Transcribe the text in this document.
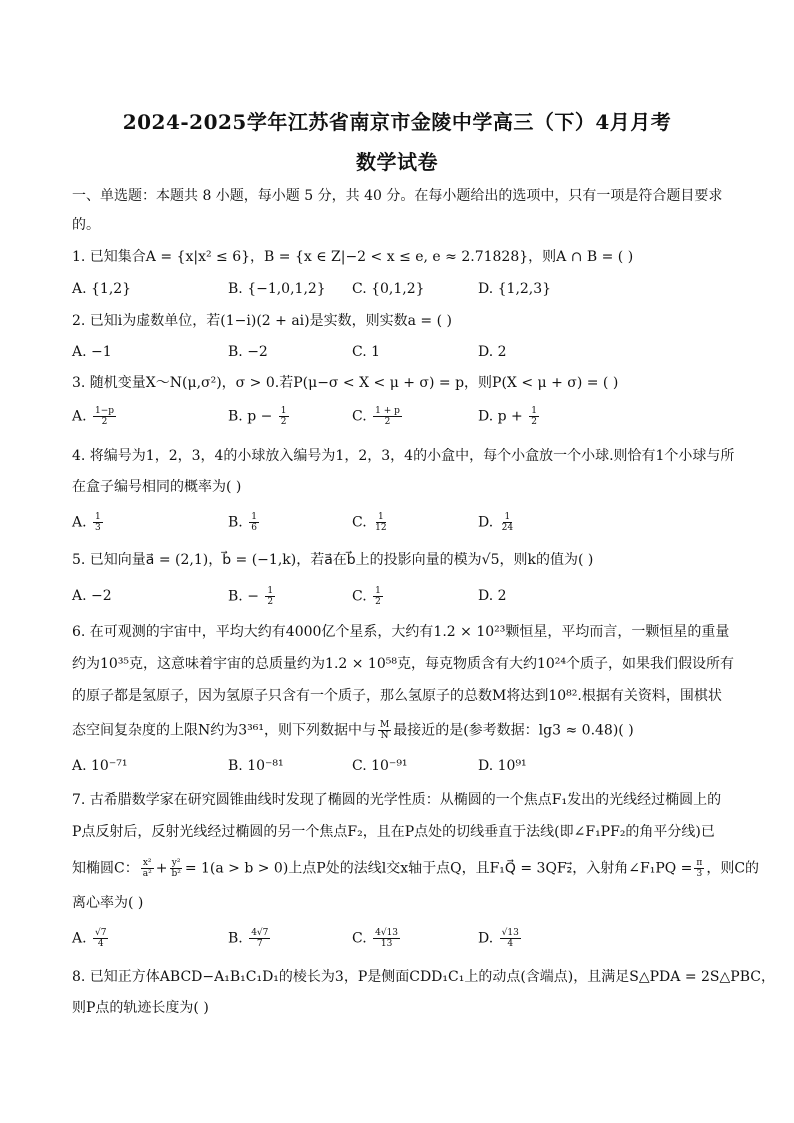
2024-2025学年江苏省南京市金陵中学高三（下）4月月考
数学试卷
一、单选题：本题共 8 小题，每小题 5 分，共 40 分。在每小题给出的选项中，只有一项是符合题目要求
的。
1. 已知集合A = {x|x² ≤ 6}，B = {x ∈ Z|−2 < x ≤ e, e ≈ 2.71828}，则A ∩ B = ( )
A. {1,2}	B. {−1,0,1,2} C. {0,1,2}	D. {1,2,3}
2. 已知i为虚数单位，若(1−i)(2 + ai)是实数，则实数a = ( )
A. −1	B. −2	C. 1	D. 2
3. 随机变量X～N(μ,σ²)，σ > 0.若P(μ−σ < X < μ + σ) = p，则P(X < μ + σ) = ( )
A. $\frac{1-p}{2}$	B. $p - \frac{1}{2}$	C. $\frac{1 + p}{2}$	D. $p + \frac{1}{2}$
4. 将编号为1，2，3，4的小球放入编号为1，2，3，4的小盒中，每个小盒放一个小球.则恰有1个小球与所
在盒子编号相同的概率为( )
A. $\frac{1}{3}$	B. $\frac{1}{6}$	C. $\frac{1}{12}$	D. $\frac{1}{24}$
5. 已知向量a⃗ = (2,1)，b⃗ = (−1,k)，若a⃗在b⃗上的投影向量的模为√5，则k的值为( )
A. −2	B. − $\frac{1}{2}$	C. $\frac{1}{2}$	D. 2
6. 在可观测的宇宙中，平均大约有4000亿个星系，大约有1.2 × 10²³颗恒星，平均而言，一颗恒星的重量
约为10³⁵克，这意味着宇宙的总质量约为1.2 × 10⁵⁸克，每克物质含有大约10²⁴个质子，如果我们假设所有
的原子都是氢原子，因为氢原子只含有一个质子，那么氢原子的总数M将达到10⁸².根据有关资料，围棋状
态空间复杂度的上限N约为3³⁶¹，则下列数据中与 $\frac{M}{N}$ 最接近的是(参考数据：lg3 ≈ 0.48)( )
A. 10⁻⁷¹	B. 10⁻⁸¹	C. 10⁻⁹¹	D. 10⁹¹
7. 古希腊数学家在研究圆锥曲线时发现了椭圆的光学性质：从椭圆的一个焦点F₁发出的光线经过椭圆上的
P点反射后，反射光线经过椭圆的另一个焦点F₂，且在P点处的切线垂直于法线(即∠F₁PF₂的角平分线)已
知椭圆C： $\frac{\text{x²}}{\text{a²}} + \frac{\text{y²}}{\text{b²}} = 1(a > b > 0)$上点P处的法线l交x轴于点Q，且F₁Q⃗ = 3QF₂⃗，入射角∠F₁PQ = $\frac{\pi}{3}$ ，则C的
离心率为( )
A. $\frac{√7}{4}$	B. $\frac{4√7}{7}$	C. $\frac{4√13}{13}$	D. $\frac{√13}{4}$
8. 已知正方体ABCD−A₁B₁C₁D₁的棱长为3，P是侧面CDD₁C₁上的动点(含端点)，且满足S△PDA = 2S△PBC，
则P点的轨迹长度为( )
